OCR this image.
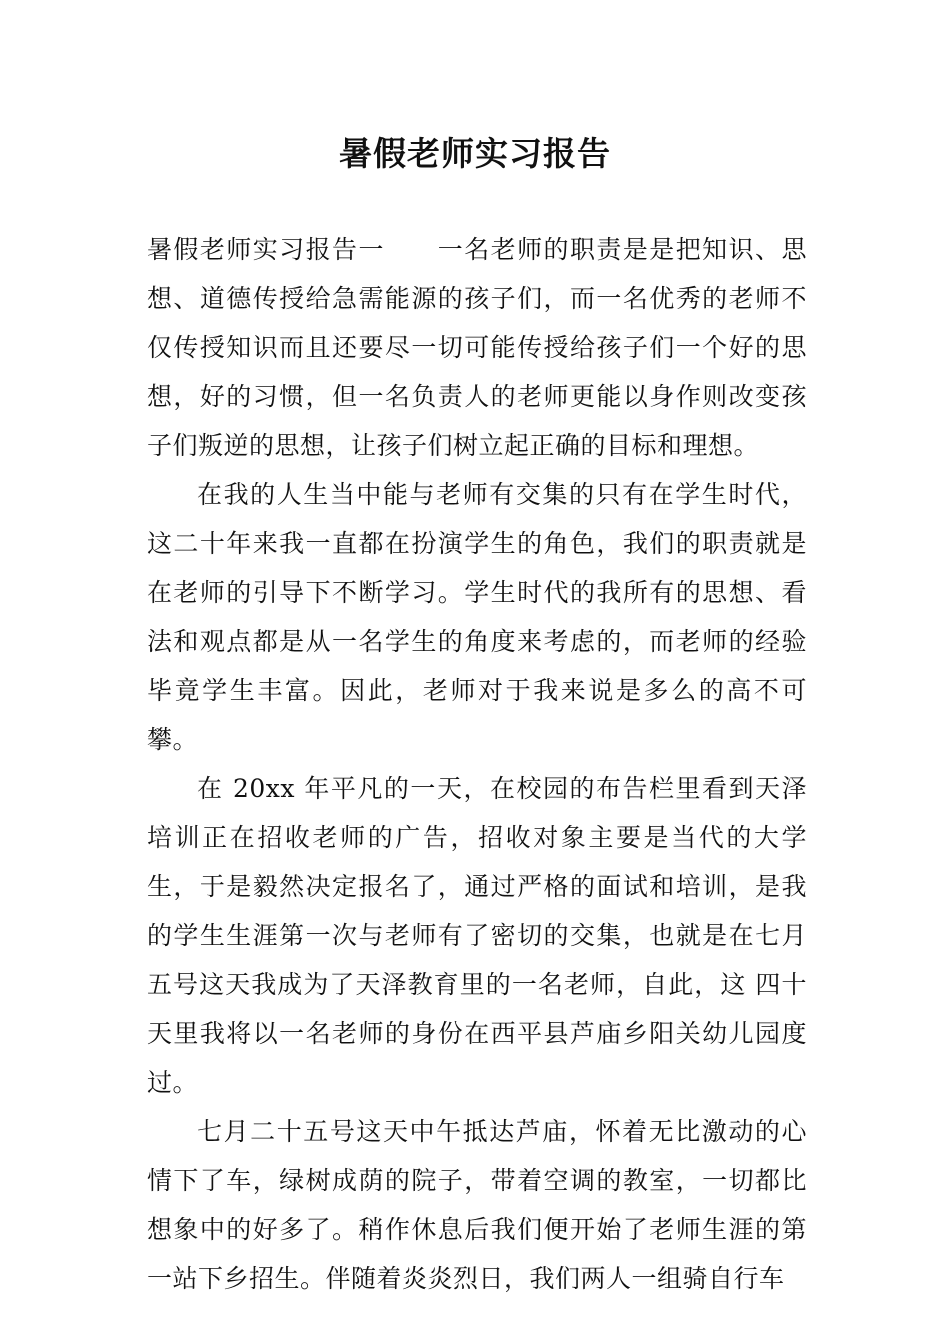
暑假老师实习报告

暑假老师实习报告一　　一名老师的职责是是把知识、思想、道德传授给急需能源的孩子们，而一名优秀的老师不仅传授知识而且还要尽一切可能传授给孩子们一个好的思想，好的习惯，但一名负责人的老师更能以身作则改变孩子们叛逆的思想，让孩子们树立起正确的目标和理想。

在我的人生当中能与老师有交集的只有在学生时代，这二十年来我一直都在扮演学生的角色，我们的职责就是在老师的引导下不断学习。学生时代的我所有的思想、看法和观点都是从一名学生的角度来考虑的，而老师的经验毕竟学生丰富。因此，老师对于我来说是多么的高不可攀。

在 20xx 年平凡的一天，在校园的布告栏里看到天泽培训正在招收老师的广告，招收对象主要是当代的大学生，于是毅然决定报名了，通过严格的面试和培训，是我的学生生涯第一次与老师有了密切的交集，也就是在七月五号这天我成为了天泽教育里的一名老师，自此，这 四十天里我将以一名老师的身份在西平县芦庙乡阳关幼儿园度过。

七月二十五号这天中午抵达芦庙，怀着无比激动的心情下了车，绿树成荫的院子，带着空调的教室，一切都比想象中的好多了。稍作休息后我们便开始了老师生涯的第一站下乡招生。伴随着炎炎烈日，我们两人一组骑自行车
